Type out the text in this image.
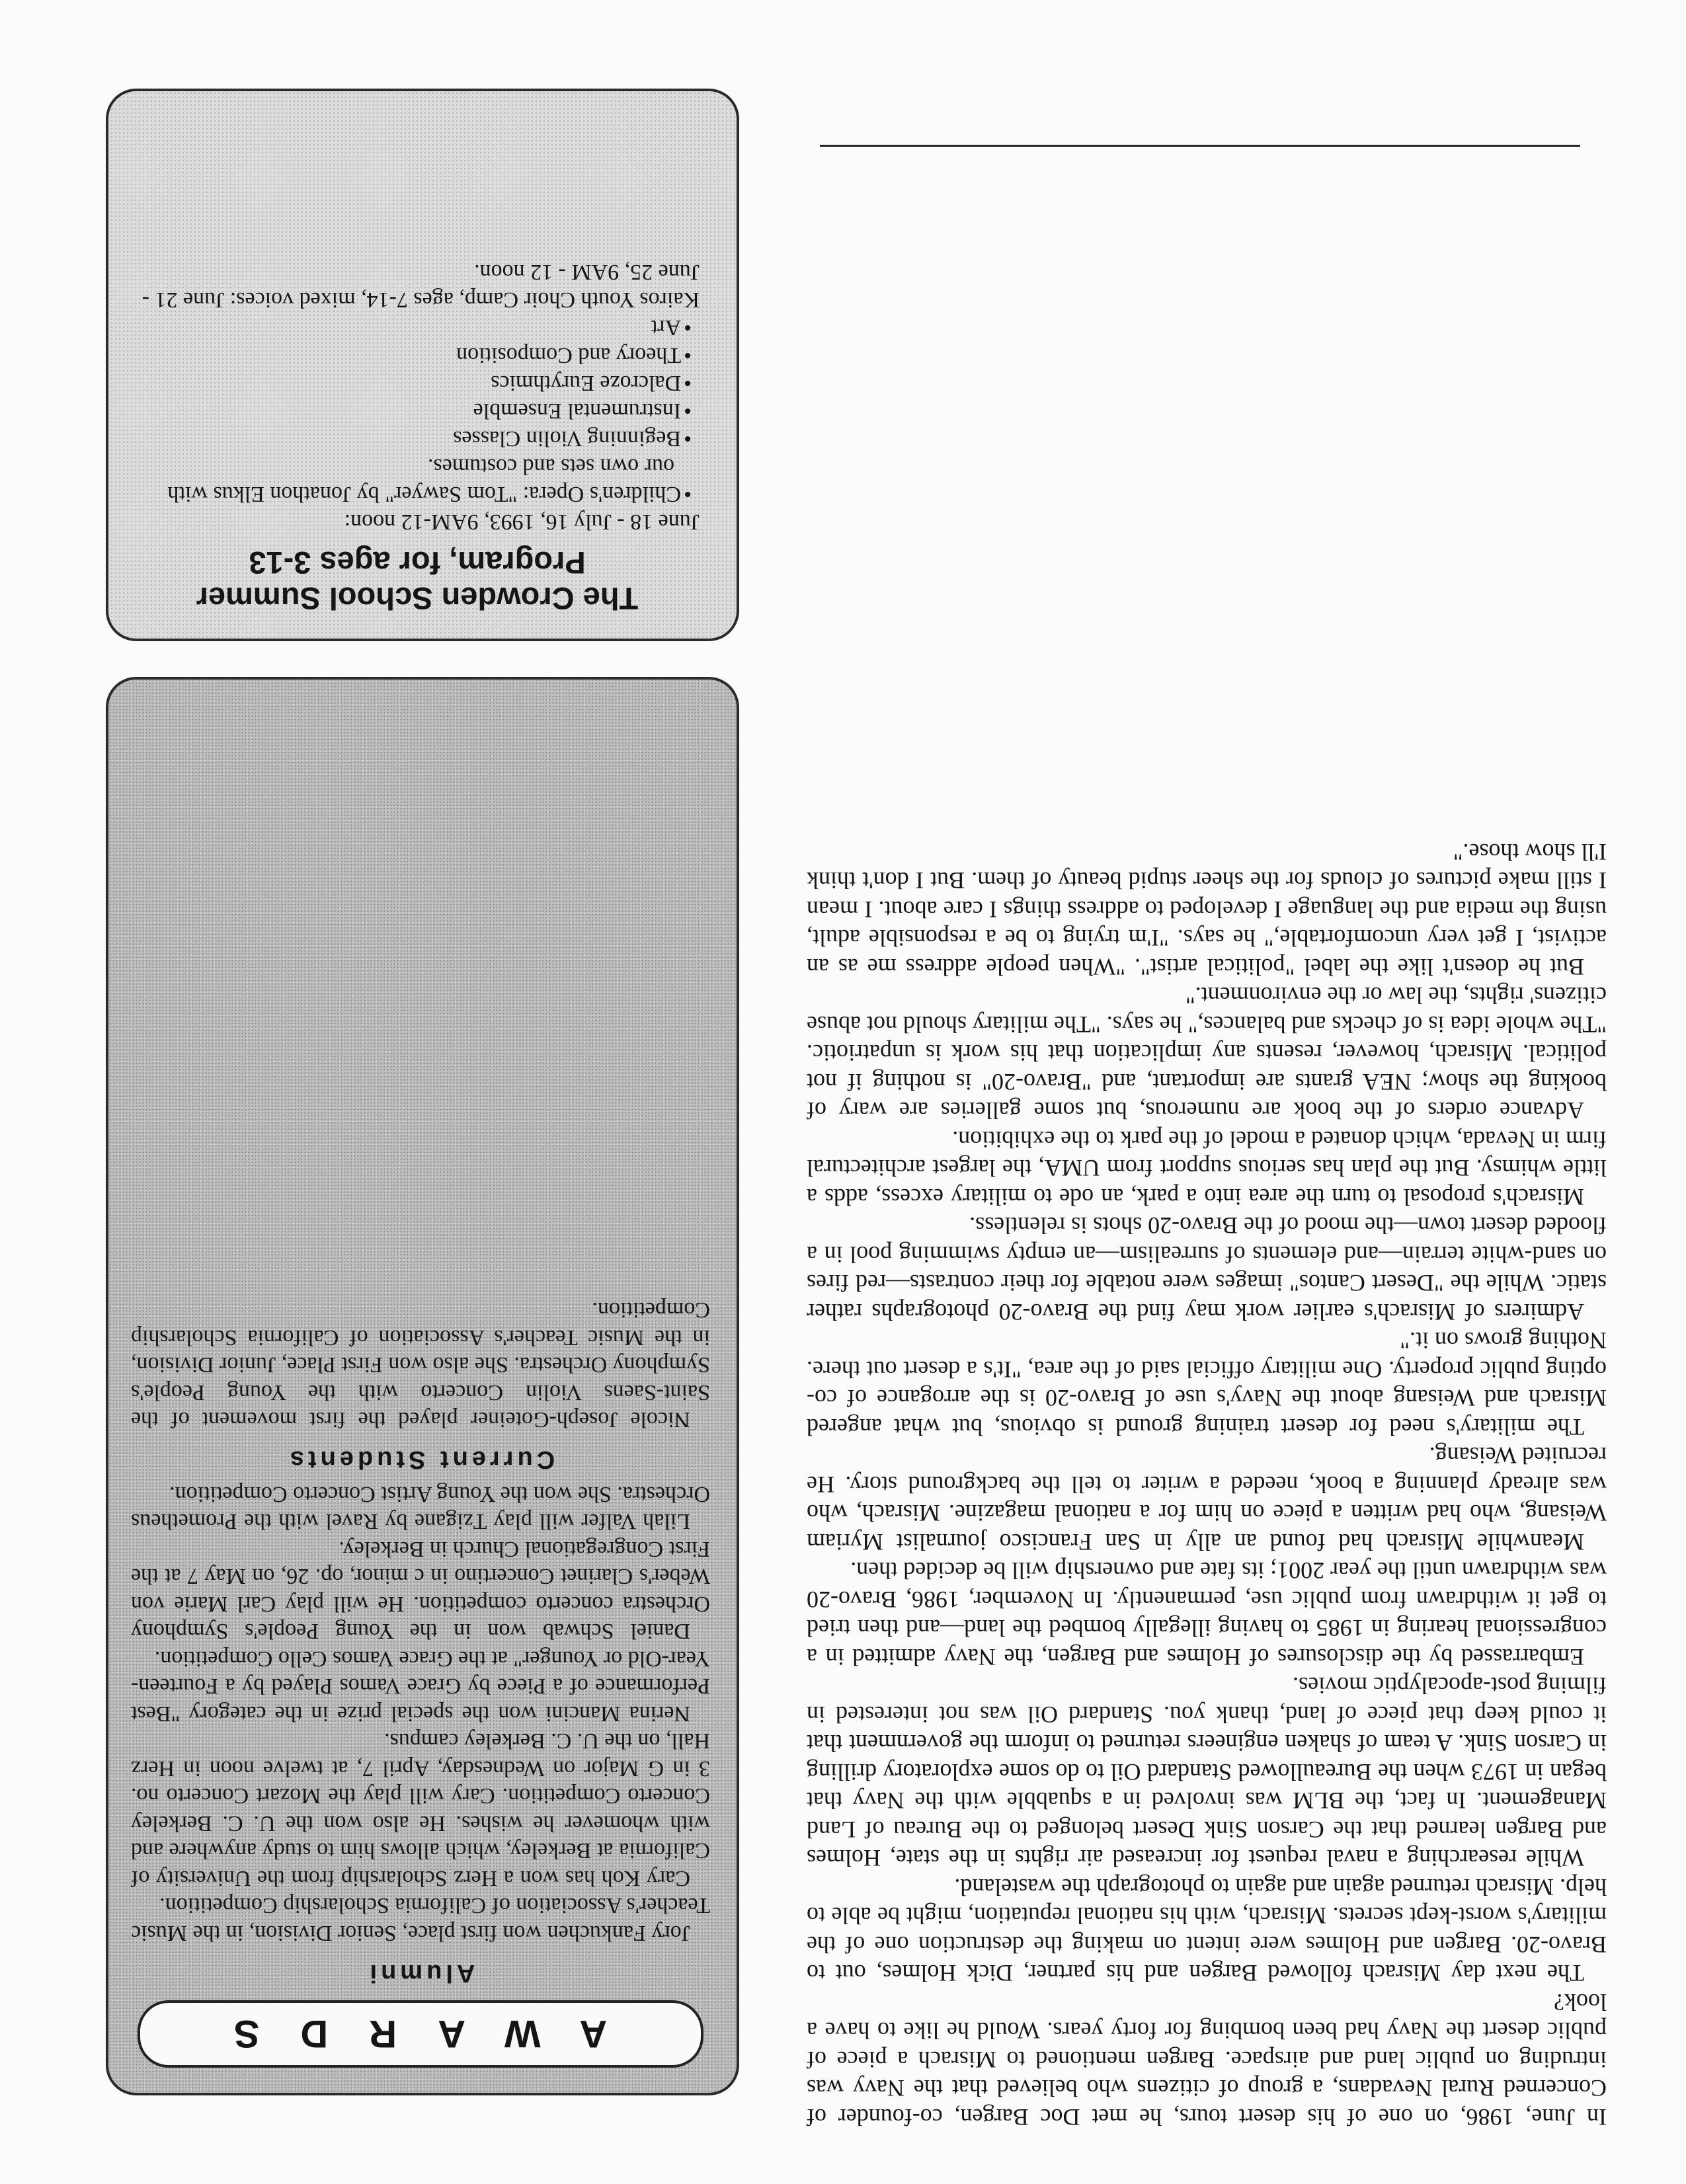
In June, 1986, on one of his desert tours, he met Doc Bargen, co-founder of Concerned Rural Nevadans, a group of citizens who believed that the Navy was intruding on public land and airspace. Bargen mentioned to Misrach a piece of public desert the Navy had been bombing for forty years. Would he like to have a look?

The next day Misrach followed Bargen and his partner, Dick Holmes, out to Bravo-20. Bargen and Holmes were intent on making the destruction one of the military's worst-kept secrets. Misrach, with his national reputation, might be able to help. Misrach returned again and again to photograph the wasteland.

While researching a naval request for increased air rights in the state, Holmes and Bargen learned that the Carson Sink Desert belonged to the Bureau of Land Management. In fact, the BLM was involved in a squabble with the Navy that began in 1973 when the Bureaullowed Standard Oil to do some exploratory drilling in Carson Sink. A team of shaken engineers returned to inform the government that it could keep that piece of land, thank you. Standard Oil was not interested in filming post-apocalyptic movies.

Embarrassed by the disclosures of Holmes and Bargen, the Navy admitted in a congressional hearing in 1985 to having illegally bombed the land—and then tried to get it withdrawn from public use, permanently. In November, 1986, Bravo-20 was withdrawn until the year 2001; its fate and ownership will be decided then.

Meanwhile Misrach had found an ally in San Francisco journalist Myriam Weisang, who had written a piece on him for a national magazine. Misrach, who was already planning a book, needed a writer to tell the background story. He recruited Weisang.

The military's need for desert training ground is obvious, but what angered Misrach and Weisang about the Navy's use of Bravo-20 is the arrogance of co-opting public property. One military official said of the area, "It's a desert out there. Nothing grows on it."

Admirers of Misrach's earlier work may find the Bravo-20 photographs rather static. While the "Desert Cantos" images were notable for their contrasts—red fires on sand-white terrain—and elements of surrealism—an empty swimming pool in a flooded desert town—the mood of the Bravo-20 shots is relentless.

Misrach's proposal to turn the area into a park, an ode to military excess, adds a little whimsy. But the plan has serious support from UMA, the largest architectural firm in Nevada, which donated a model of the park to the exhibition.

Advance orders of the book are numerous, but some galleries are wary of booking the show; NEA grants are important, and "Bravo-20" is nothing if not political. Misrach, however, resents any implication that his work is unpatriotic. "The whole idea is of checks and balances," he says. "The military should not abuse citizens' rights, the law or the environment."

But he doesn't like the label "political artist". "When people address me as an activist, I get very uncomfortable," he says. "I'm trying to be a responsible adult, using the media and the language I developed to address things I care about. I mean I still make pictures of clouds for the sheer stupid beauty of them. But I don't think I'll show those."

AWARDS
Alumni

Jory Fankuchen won first place, Senior Division, in the Music Teacher's Association of California Scholarship Competition.

Cary Koh has won a Herz Scholarship from the University of California at Berkeley, which allows him to study anywhere and with whomever he wishes. He also won the U. C. Berkeley Concerto Competition. Cary will play the Mozart Concerto no. 3 in G Major on Wednesday, April 7, at twelve noon in Herz Hall, on the U. C. Berkeley campus.

Nerina Mancini won the special prize in the category "Best Performance of a Piece by Grace Vamos Played by a Fourteen-Year-Old or Younger" at the Grace Vamos Cello Competition.

Daniel Schwab won in the Young People's Symphony Orchestra concerto competition. He will play Carl Marie von Weber's Clarinet Concertino in c minor, op. 26, on May 7 at the First Congregational Church in Berkeley.

Lilah Valfer will play Tzigane by Ravel with the Prometheus Orchestra. She won the Young Artist Concerto Competition.

Current Students

Nicole Joseph-Goteiner played the first movement of the Saint-Saens Violin Concerto with the Young People's Symphony Orchestra. She also won First Place, Junior Division, in the Music Teacher's Association of California Scholarship Competition.

The Crowden School Summer Program, for ages 3-13

June 18 - July 16, 1993, 9AM-12 noon:

• Children's Opera: "Tom Sawyer" by Jonathon Elkus with our own sets and costumes.
• Beginning Violin Classes
• Instrumental Ensemble
• Dalcroze Eurythmics
• Theory and Composition
• Art

Kairos Youth Choir Camp, ages 7-14, mixed voices: June 21 - June 25, 9AM - 12 noon.
